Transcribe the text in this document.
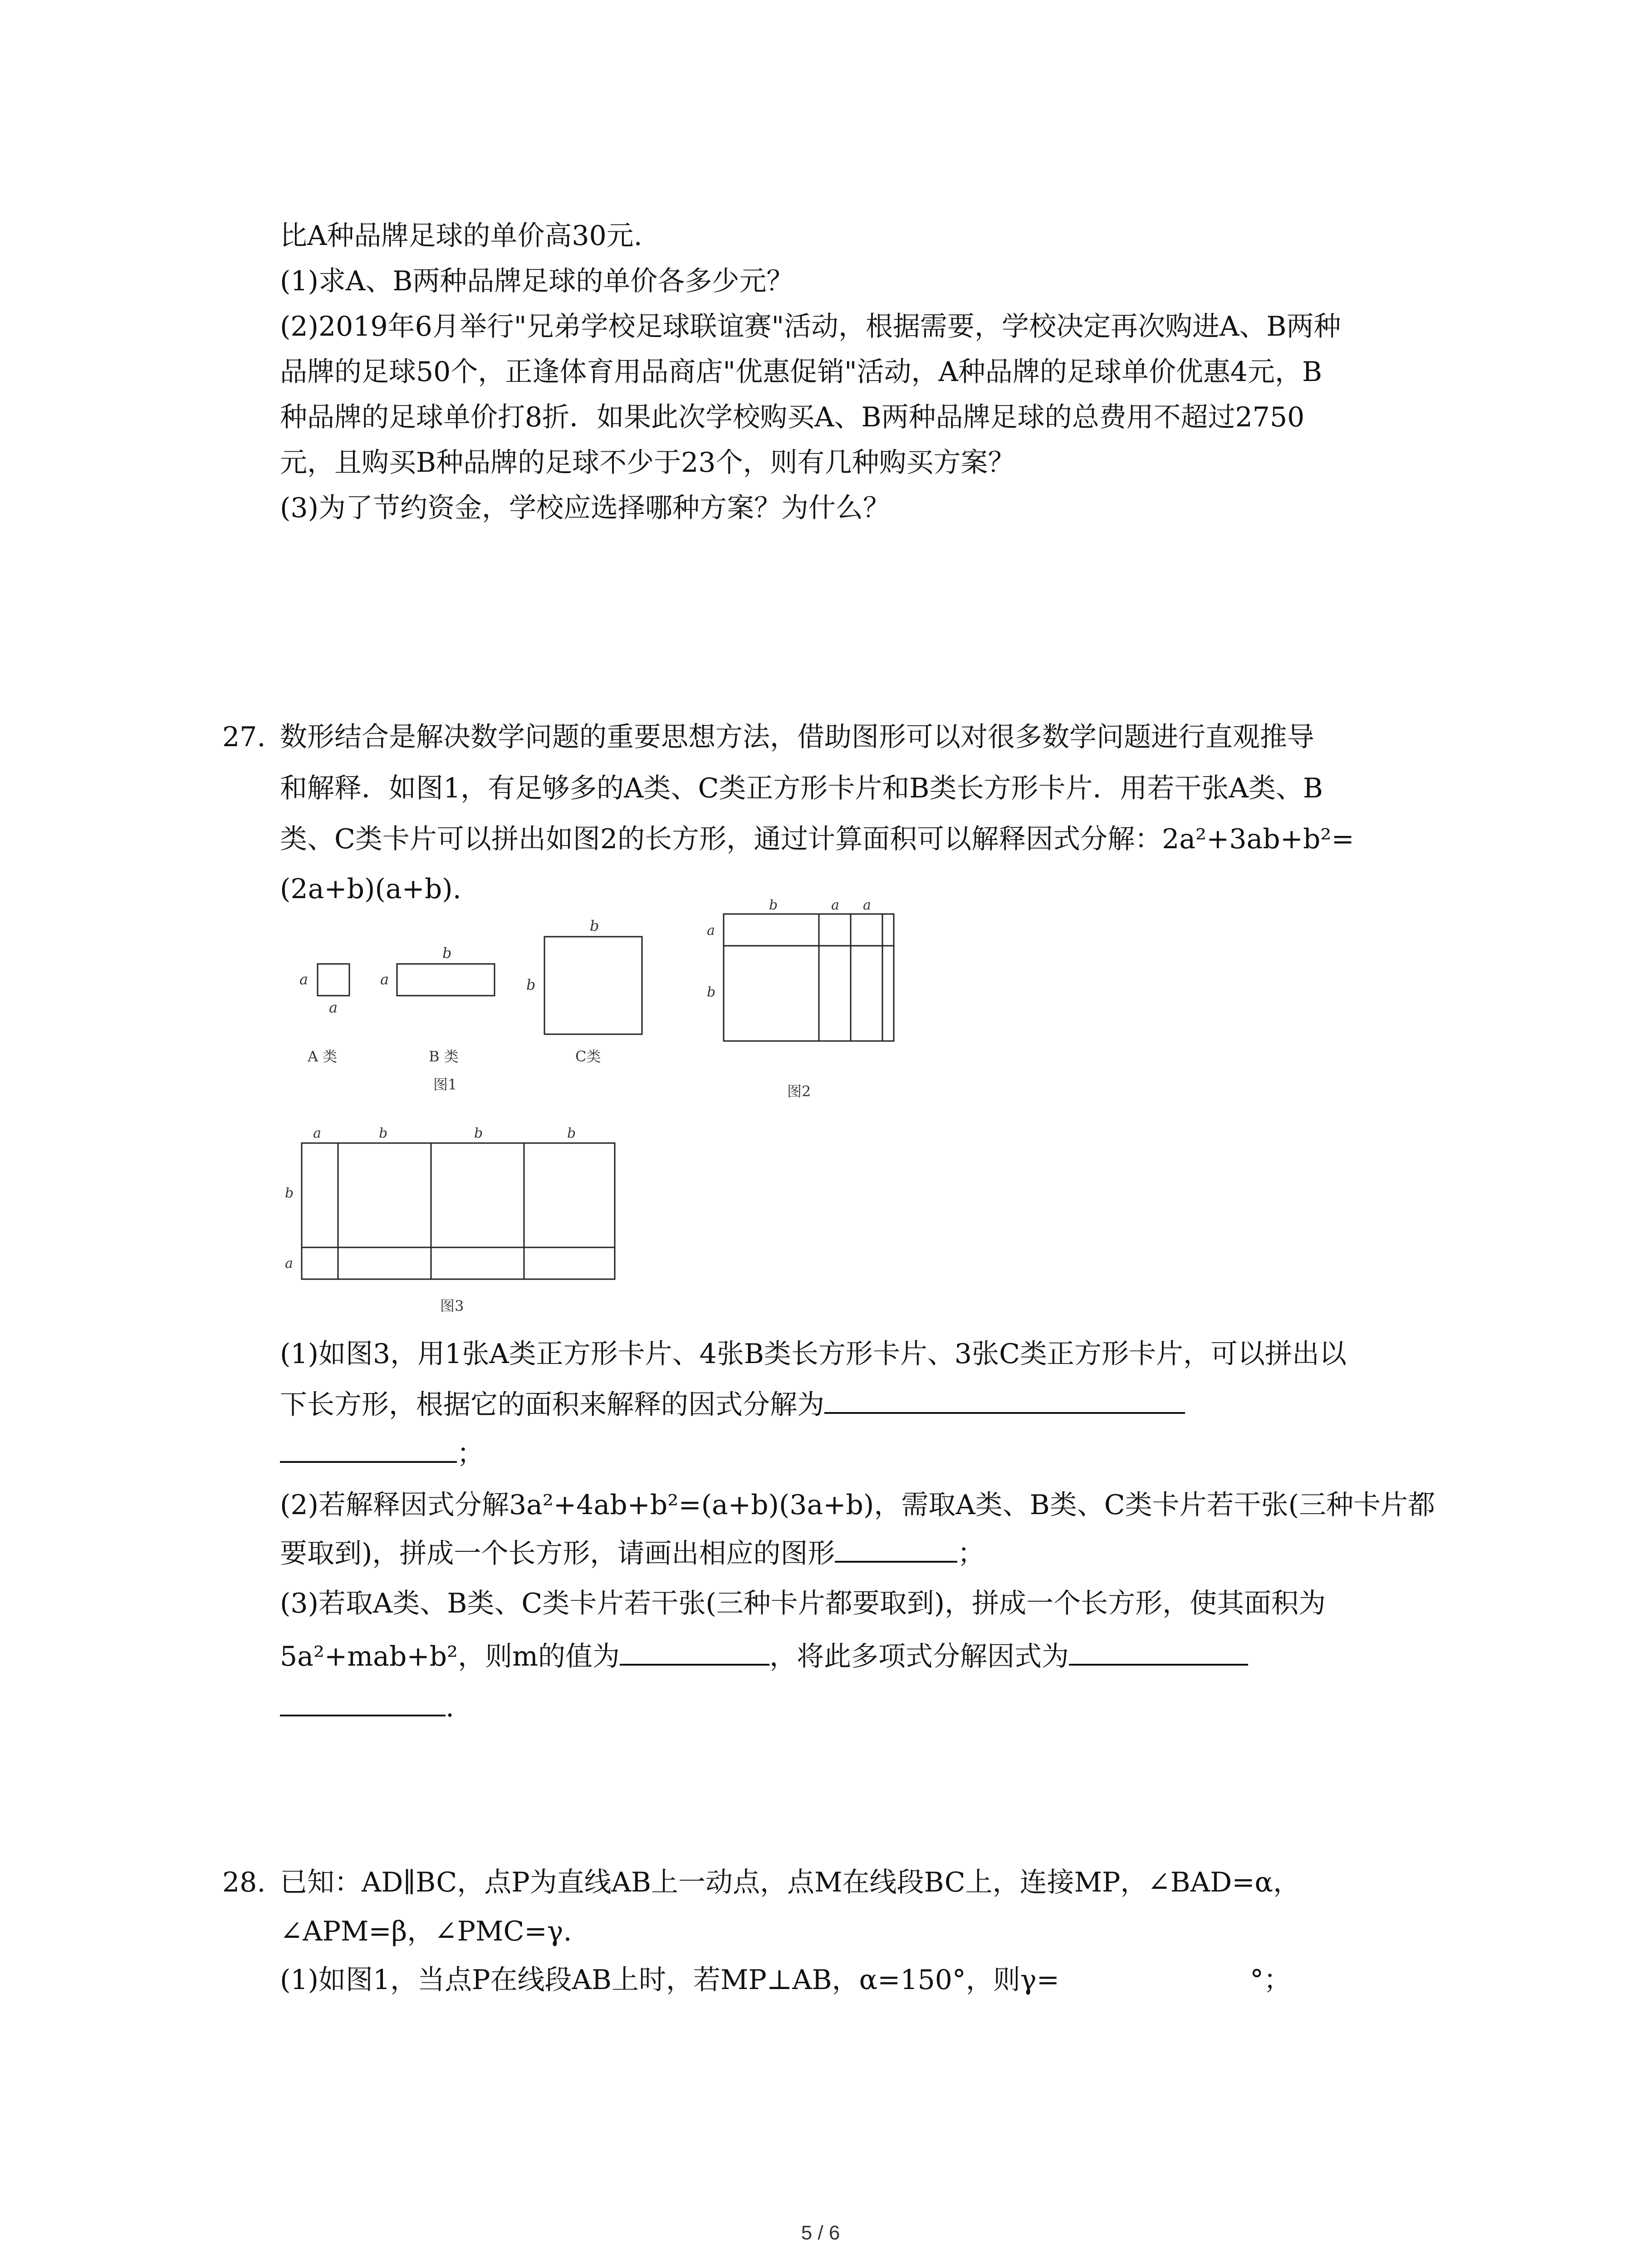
比A种品牌足球的单价高30元.
(1)求A、B两种品牌足球的单价各多少元？
(2)2019年6月举行"兄弟学校足球联谊赛"活动，根据需要，学校决定再次购进A、B两种
品牌的足球50个，正逢体育用品商店"优惠促销"活动，A种品牌的足球单价优惠4元，B
种品牌的足球单价打8折．如果此次学校购买A、B两种品牌足球的总费用不超过2750
元，且购买B种品牌的足球不少于23个，则有几种购买方案？
(3)为了节约资金，学校应选择哪种方案？为什么？
27. 数形结合是解决数学问题的重要思想方法，借助图形可以对很多数学问题进行直观推导
和解释．如图1，有足够多的A类、C类正方形卡片和B类长方形卡片．用若干张A类、B
类、C类卡片可以拼出如图2的长方形，通过计算面积可以解释因式分解：2a²+3ab+b²=
(2a+b)(a+b).
a
a
a
b
b
b
A 类	B 类	C类
图1
b	a a
a
b
图2
a	b	b	b
b
a
图3
(1)如图3，用1张A类正方形卡片、4张B类长方形卡片、3张C类正方形卡片，可以拼出以
下长方形，根据它的面积来解释的因式分解为
；
(2)若解释因式分解3a²+4ab+b²=(a+b)(3a+b)，需取A类、B类、C类卡片若干张(三种卡片都
要取到)，拼成一个长方形，请画出相应的图形	；
(3)若取A类、B类、C类卡片若干张(三种卡片都要取到)，拼成一个长方形，使其面积为
5a²+mab+b²，则m的值为	，将此多项式分解因式为
.
28. 已知：AD∥BC，点P为直线AB上一动点，点M在线段BC上，连接MP，∠BAD=α，
∠APM=β，∠PMC=γ.
(1)如图1，当点P在线段AB上时，若MP⊥AB，α=150°，则γ=	°；
5 / 6
